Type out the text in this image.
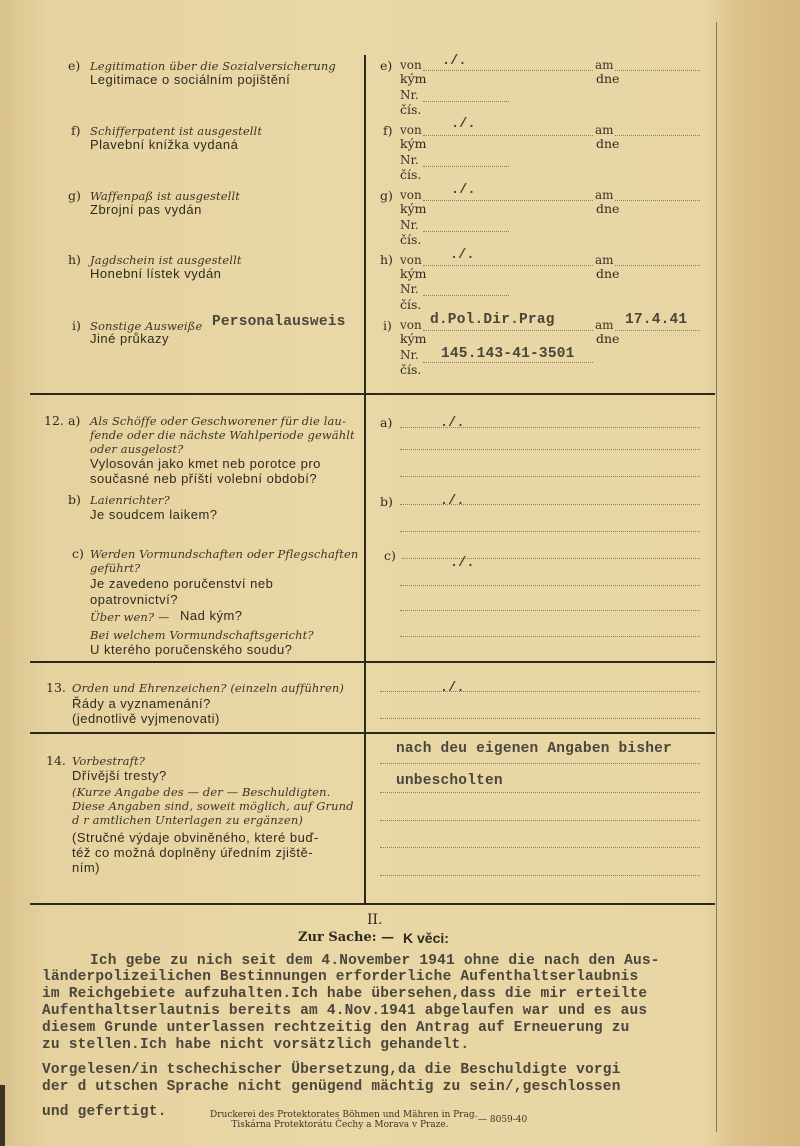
e) Legitimation über die Sozialversicherung
Legitimace o sociálním pojištění
e) von ./.	am
kým	dne
Nr.
čís.
f) Schifferpatent ist ausgestellt
Plavební knížka vydaná
f) von ./.	am
kým	dne
Nr.
čís.
g) Waffenpaß ist ausgestellt
Zbrojní pas vydán
g) von ./.	am
kým	dne
Nr.
čís.
h) Jagdschein ist ausgestellt
Honební lístek vydán
h) von ./.	am
kým	dne
Nr.
čís.
i) Sonstige Ausweiße Personalausweis
Jiné průkazy
i) von d.Pol.Dir.Prag	am 17.4.41
kým	dne
Nr. 145.143-41-3501
čís.
12. a) Als Schöffe oder Geschworener für die lau-
fende oder die nächste Wahlperiode gewählt
oder ausgelost?
Vylosován jako kmet neb porotce pro
současné neb příští volební období?
b) Laienrichter?
Je soudcem laikem?
c) Werden Vormundschaften oder Pflegschaften
geführt?
Je zavedeno poručenství neb
opatrovnictví?
Über wen? — Nad kým?
Bei welchem Vormundschaftsgericht?
U kterého poručenského soudu?
a)	./.
b)	./.
c)
./.
13. Orden und Ehrenzeichen? (einzeln aufführen)
Řády a vyznamenání?
(jednotlivě vyjmenovati)
./.
14. Vorbestraft?
Dřívější tresty?
(Kurze Angabe des — der — Beschuldigten.
Diese Angaben sind, soweit möglich, auf Grund
d r amtlichen Unterlagen zu ergänzen)
(Stručné výdaje obviněného, které buď-
též co možná doplněny úředním zjiště-
ním)
nach deu eigenen Angaben bisher
unbescholten
II.
Zur Sache: — K věci:
Ich gebe zu nich seit dem 4.November 1941 ohne die nach den Aus-
länderpolizeilichen Bestinnungen erforderliche Aufenthaltserlaubnis
im Reichgebiete aufzuhalten.Ich habe übersehen,dass die mir erteilte
Aufenthaltserlautnis bereits am 4.Nov.1941 abgelaufen war und es aus
diesem Grunde unterlassen rechtzeitig den Antrag auf Erneuerung zu
zu stellen.Ich habe nicht vorsätzlich gehandelt.
Vorgelesen/in tschechischer Übersetzung,da die Beschuldigte vorgi
der d utschen Sprache nicht genügend mächtig zu sein/,geschlossen
und gefertigt.	Druckerei des Protektorates Böhmen und Mähren in Prag.
Tiskárna Protektorátu Čechy a Morava v Praze.	— 8059-40
